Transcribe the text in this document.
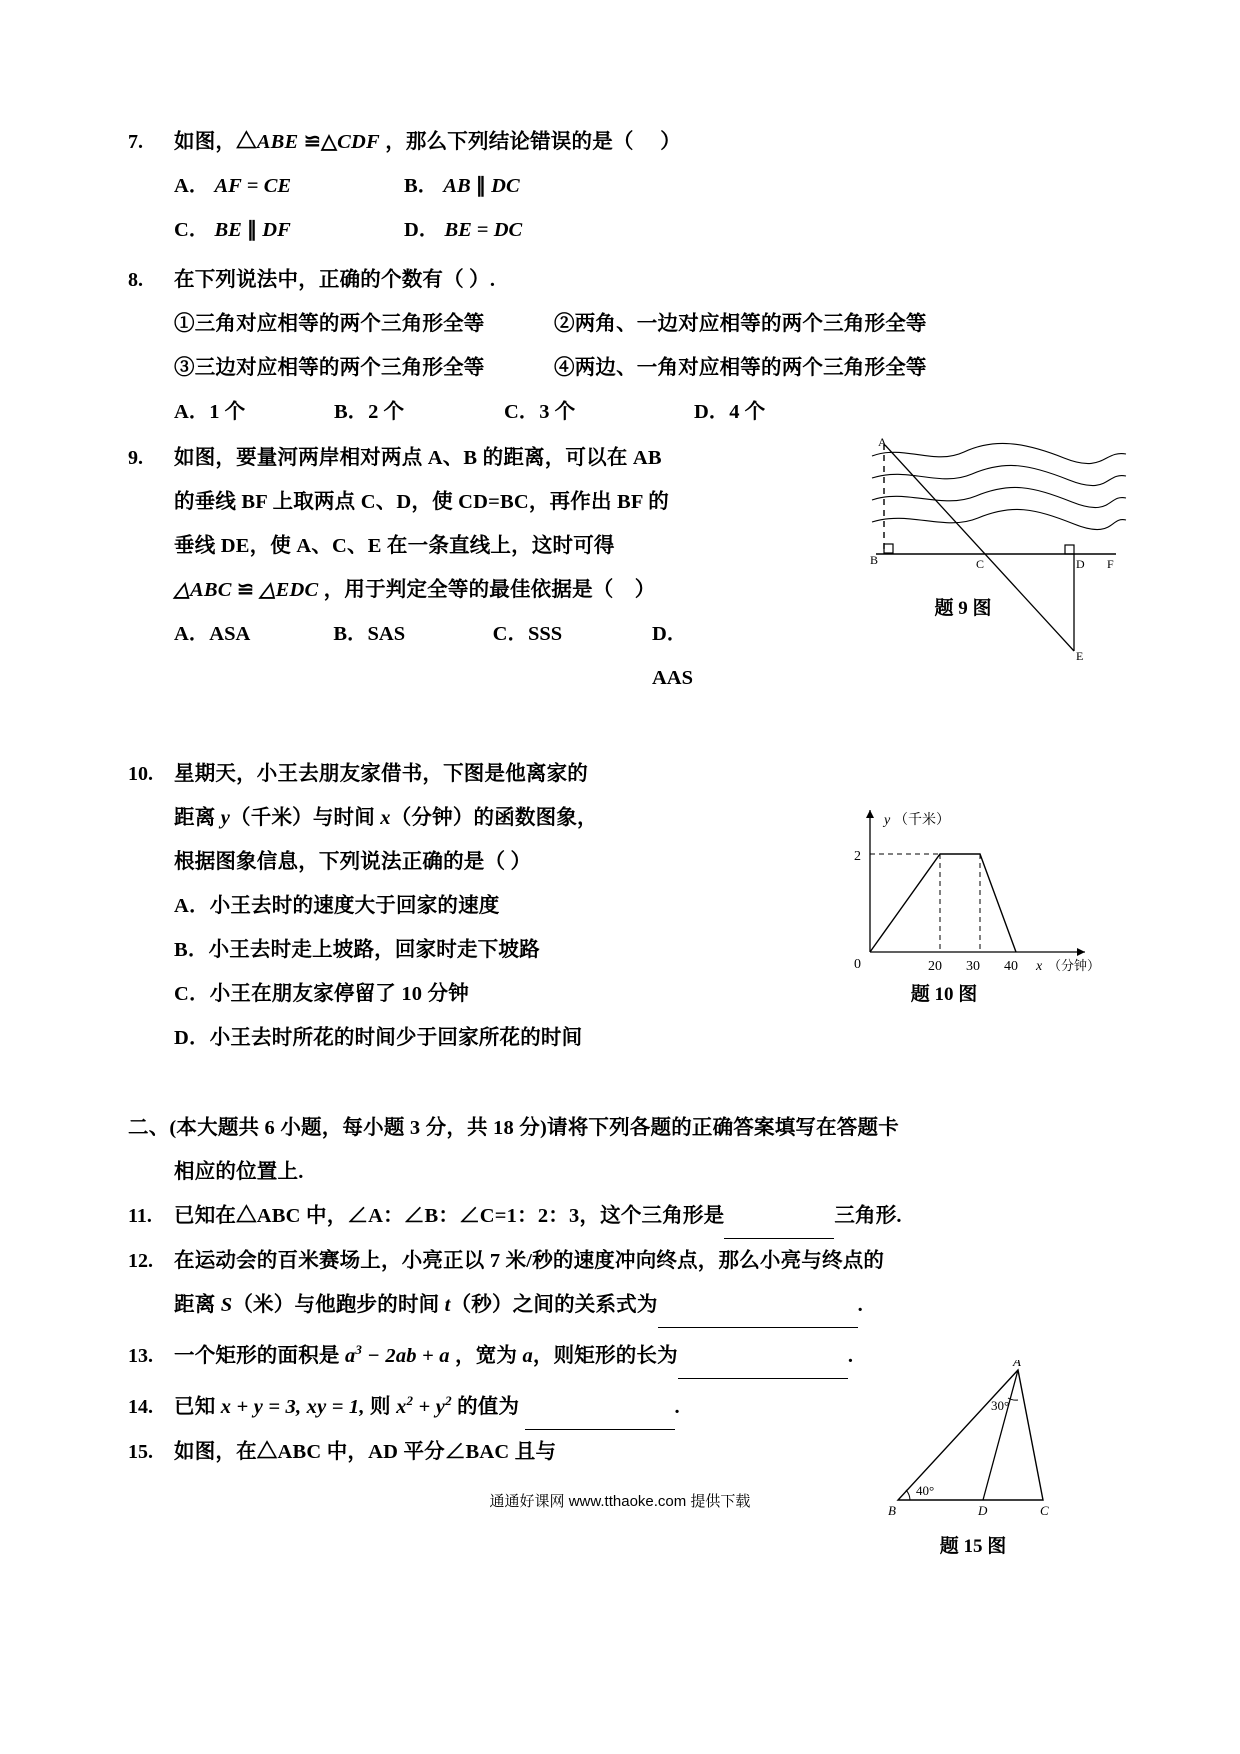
7.	如图，△ABE ≌△CDF ，那么下列结论错误的是（     ）
A． AF = CE	B． AB ∥ DC
C． BE ∥ DF	D． BE = DC
8.	在下列说法中，正确的个数有（ ）.
①三角对应相等的两个三角形全等	②两角、一边对应相等的两个三角形全等
③三边对应相等的两个三角形全等	④两边、一角对应相等的两个三角形全等
A．1 个	B．2 个	C．3 个	D．4 个
9.	如图，要量河两岸相对两点 A、B 的距离，可以在 AB
的垂线 BF 上取两点 C、D，使 CD=BC，再作出 BF 的
垂线 DE，使 A、C、E 在一条直线上，这时可得
△ABC ≌ △EDC ，用于判定全等的最佳依据是（    ）
A．ASA	B．SAS	C．SSS	D．AAS
A
B	C	D F
E
题 9 图
10.	星期天，小王去朋友家借书，下图是他离家的
距离 y（千米）与时间 x（分钟）的函数图象，
根据图象信息，下列说法正确的是（ ）
A．小王去时的速度大于回家的速度
B．小王去时走上坡路，回家时走下坡路
C．小王在朋友家停留了 10 分钟
D．小王去时所花的时间少于回家所花的时间
y （千米）
2
0	20 30 40 x （分钟）
题 10 图
二、(本大题共 6 小题，每小题 3 分，共 18 分)请将下列各题的正确答案填写在答题卡
相应的位置上.
11.	已知在△ABC 中，∠A：∠B：∠C=1：2：3，这个三角形是	三角形.
12.	在运动会的百米赛场上，小亮正以 7 米/秒的速度冲向终点，那么小亮与终点的
距离 S（米）与他跑步的时间 t（秒）之间的关系式为	.
13.	一个矩形的面积是 $a^3 - 2ab + a$ ，宽为 a，则矩形的长为	.
14.	已知 x + y = 3, xy = 1, 则 $x^2 + y^2$ 的值为	.
15.	如图，在△ABC 中，AD 平分∠BAC 且与
A
B	D	C
30°
40°
题 15 图
通通好课网 www.tthaoke.com 提供下载
